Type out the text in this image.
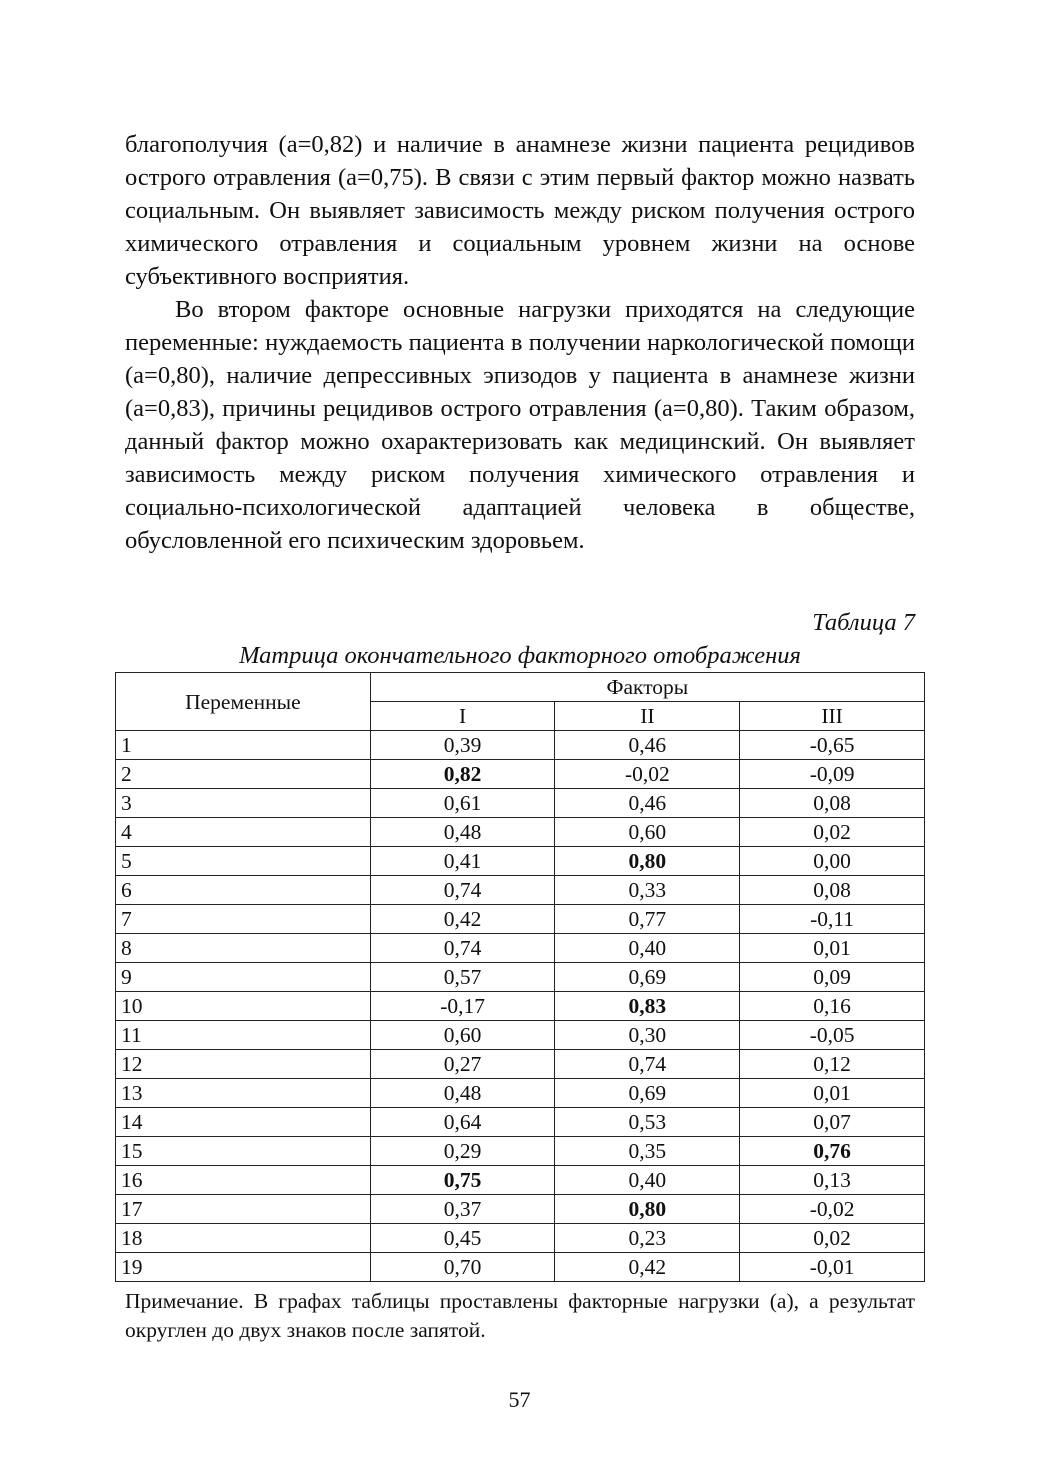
благополучия (a=0,82) и наличие в анамнезе жизни пациента рецидивов острого отравления (a=0,75). В связи с этим первый фактор можно назвать социальным. Он выявляет зависимость между риском получения острого химического отравления и социальным уровнем жизни на основе субъективного восприятия.

Во втором факторе основные нагрузки приходятся на следующие переменные: нуждаемость пациента в получении наркологической помощи (a=0,80), наличие депрессивных эпизодов у пациента в анамнезе жизни (a=0,83), причины рецидивов острого отравления (a=0,80). Таким образом, данный фактор можно охарактеризовать как медицинский. Он выявляет зависимость между риском получения химического отравления и социально-психологической адаптацией человека в обществе, обусловленной его психическим здоровьем.

Таблица 7
Матрица окончательного факторного отображения
Переменные	Факторы		
	I	II	III
1	0,39	0,46	-0,65
2	0,82	-0,02	-0,09
3	0,61	0,46	0,08
4	0,48	0,60	0,02
5	0,41	0,80	0,00
6	0,74	0,33	0,08
7	0,42	0,77	-0,11
8	0,74	0,40	0,01
9	0,57	0,69	0,09
10	-0,17	0,83	0,16
11	0,60	0,30	-0,05
12	0,27	0,74	0,12
13	0,48	0,69	0,01
14	0,64	0,53	0,07
15	0,29	0,35	0,76
16	0,75	0,40	0,13
17	0,37	0,80	-0,02
18	0,45	0,23	0,02
19	0,70	0,42	-0,01
Примечание. В графах таблицы проставлены факторные нагрузки (a), а результат округлен до двух знаков после запятой.
57
